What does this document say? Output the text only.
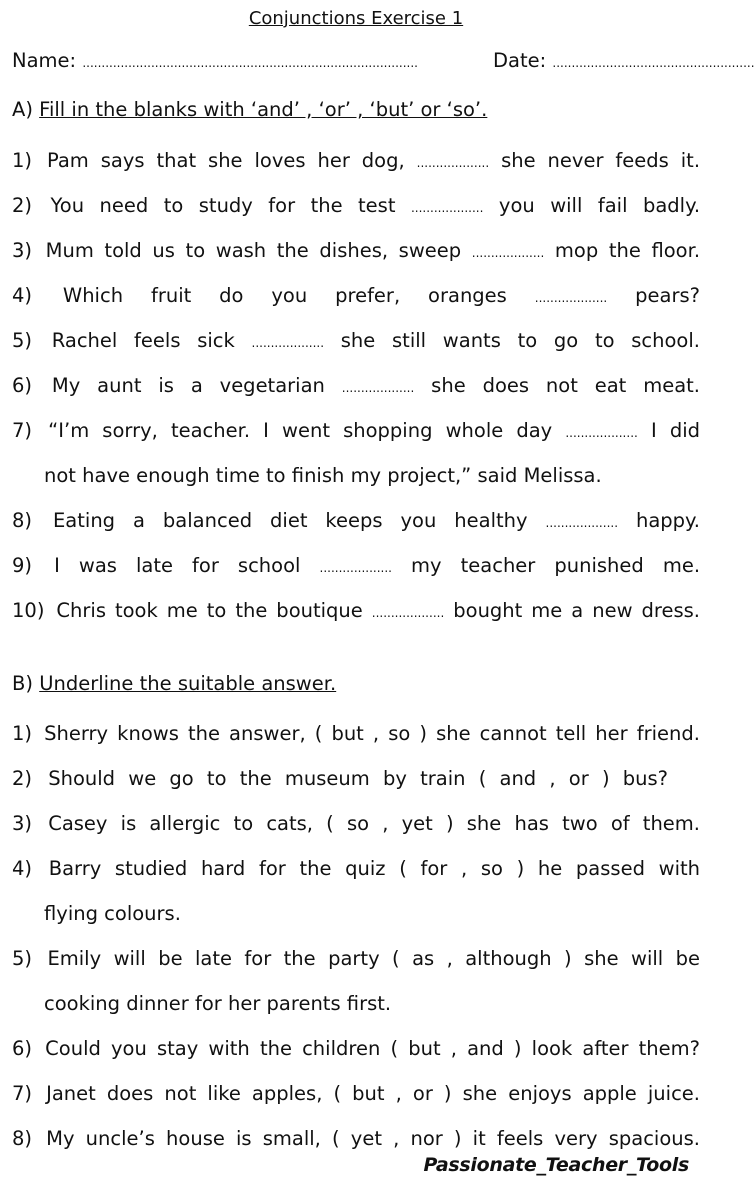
Conjunctions Exercise 1
Name: ........................................................................................	Date: .....................................................
A) Fill in the blanks with ‘and’ , ‘or’ , ‘but’ or ‘so’.
1) Pam says that she loves her dog, ................... she never feeds it.
2) You need to study for the test ................... you will fail badly.
3) Mum told us to wash the dishes, sweep ................... mop the floor.
4) Which fruit do you prefer, oranges ................... pears?
5) Rachel feels sick ................... she still wants to go to school.
6) My aunt is a vegetarian ................... she does not eat meat.
7) “I’m sorry, teacher. I went shopping whole day ................... I did
not have enough time to finish my project,” said Melissa.
8) Eating a balanced diet keeps you healthy ................... happy.
9) I was late for school ................... my teacher punished me.
10) Chris took me to the boutique ................... bought me a new dress.
B) Underline the suitable answer.
1) Sherry knows the answer, ( but , so ) she cannot tell her friend.
2) Should we go to the museum by train ( and , or ) bus?
3) Casey is allergic to cats, ( so , yet ) she has two of them.
4) Barry studied hard for the quiz ( for , so ) he passed with
flying colours.
5) Emily will be late for the party ( as , although ) she will be
cooking dinner for her parents first.
6) Could you stay with the children ( but , and ) look after them?
7) Janet does not like apples, ( but , or ) she enjoys apple juice.
8) My uncle’s house is small, ( yet , nor ) it feels very spacious.
Passionate_Teacher_Tools
